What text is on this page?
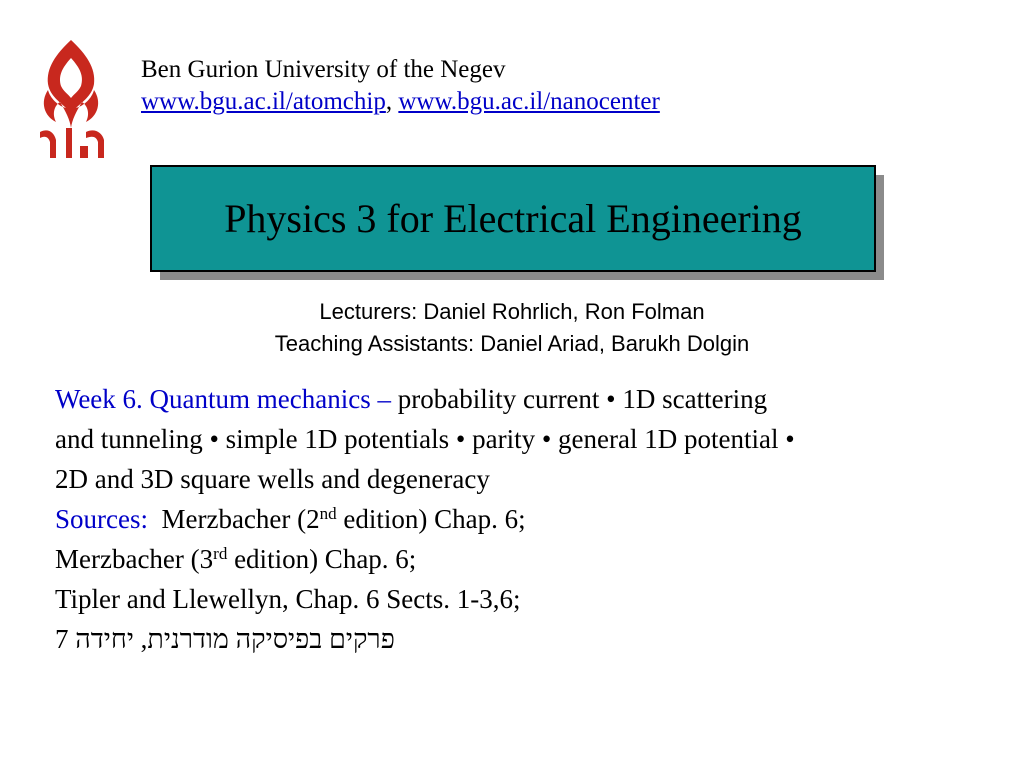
Ben Gurion University of the Negev
www.bgu.ac.il/atomchip, www.bgu.ac.il/nanocenter
Physics 3 for Electrical Engineering
Lecturers: Daniel Rohrlich, Ron Folman
Teaching Assistants: Daniel Ariad, Barukh Dolgin
Week 6. Quantum mechanics – probability current • 1D scattering
and tunneling • simple 1D potentials • parity • general 1D potential •
2D and 3D square wells and degeneracy
Sources: Merzbacher (2nd edition) Chap. 6;
Merzbacher (3rd edition) Chap. 6;
Tipler and Llewellyn, Chap. 6 Sects. 1-3,6;
7 פרקים בפיסיקה מודרנית, יחידה
